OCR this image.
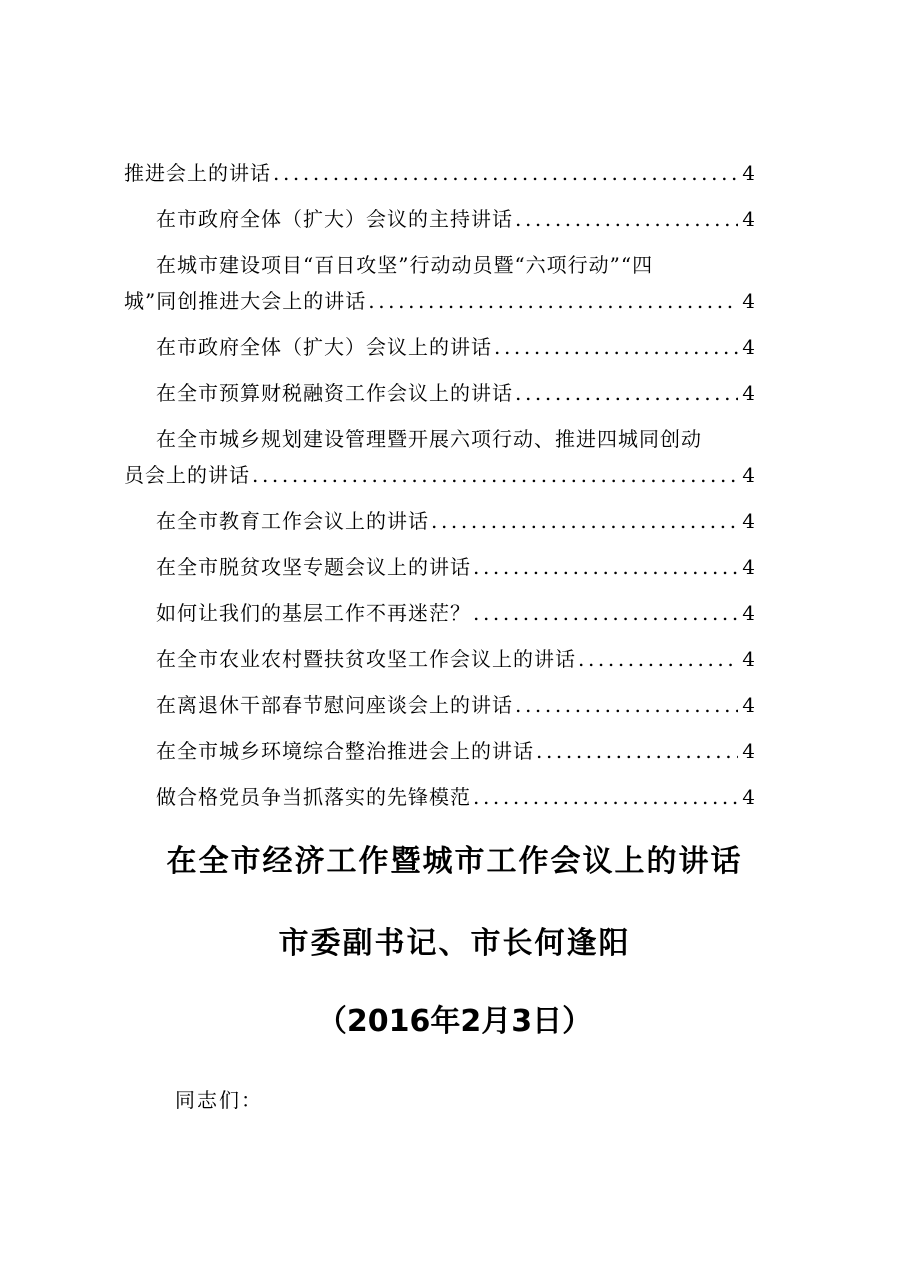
推进会上的讲话 .....	4
在市政府全体（扩大）会议的主持讲话 .....	4
在城市建设项目“百日攻坚”行动动员暨“六项行动”“四
城”同创推进大会上的讲话 .....	4
在市政府全体（扩大）会议上的讲话 .....	4
在全市预算财税融资工作会议上的讲话 .....	4
在全市城乡规划建设管理暨开展六项行动、推进四城同创动
员会上的讲话 .....	4
在全市教育工作会议上的讲话 .....	4
在全市脱贫攻坚专题会议上的讲话 .....	4
如何让我们的基层工作不再迷茫？ .....	4
在全市农业农村暨扶贫攻坚工作会议上的讲话 .....	4
在离退休干部春节慰问座谈会上的讲话 .....	4
在全市城乡环境综合整治推进会上的讲话 .....	4
做合格党员争当抓落实的先锋模范 .....	4
在全市经济工作暨城市工作会议上的讲话
市委副书记、市长何逢阳
（2016年2月3日）
同志们：
